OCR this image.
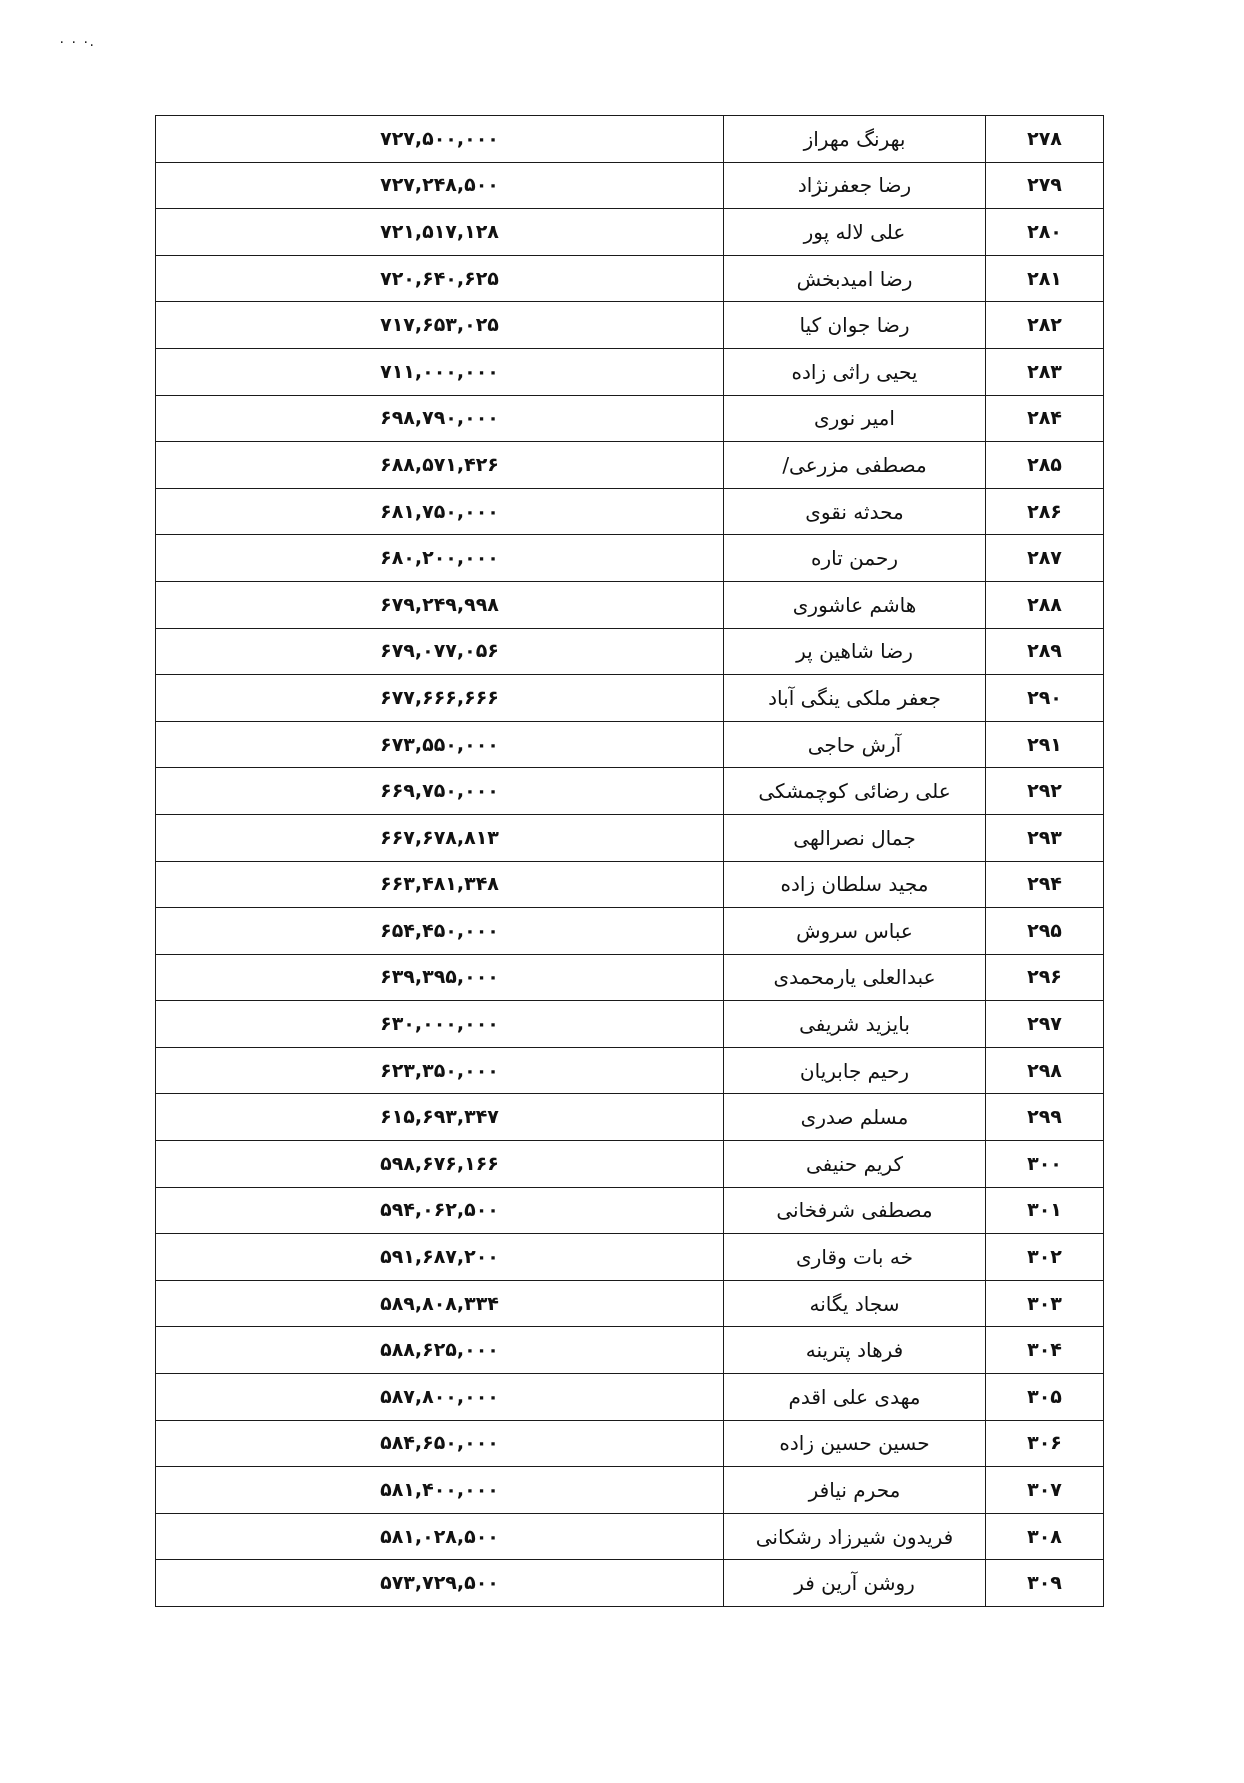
٠ ٠ ٠.
۷۲۷,۵۰۰,۰۰۰	بهرنگ مهراز	۲۷۸
۷۲۷,۲۴۸,۵۰۰	رضا جعفرنژاد	۲۷۹
۷۲۱,۵۱۷,۱۲۸	علی لاله پور	۲۸۰
۷۲۰,۶۴۰,۶۲۵	رضا امیدبخش	۲۸۱
۷۱۷,۶۵۳,۰۲۵	رضا جوان کیا	۲۸۲
۷۱۱,۰۰۰,۰۰۰	یحیی راثی زاده	۲۸۳
۶۹۸,۷۹۰,۰۰۰	امیر نوری	۲۸۴
۶۸۸,۵۷۱,۴۲۶	مصطفی مزرعی/	۲۸۵
۶۸۱,۷۵۰,۰۰۰	محدثه نقوی	۲۸۶
۶۸۰,۲۰۰,۰۰۰	رحمن تاره	۲۸۷
۶۷۹,۲۴۹,۹۹۸	هاشم عاشوری	۲۸۸
۶۷۹,۰۷۷,۰۵۶	رضا شاهین پر	۲۸۹
۶۷۷,۶۶۶,۶۶۶	جعفر ملکی ینگی آباد	۲۹۰
۶۷۳,۵۵۰,۰۰۰	آرش حاجی	۲۹۱
۶۶۹,۷۵۰,۰۰۰	علی رضائی کوچمشکی	۲۹۲
۶۶۷,۶۷۸,۸۱۳	جمال نصرالهی	۲۹۳
۶۶۳,۴۸۱,۳۴۸	مجید سلطان زاده	۲۹۴
۶۵۴,۴۵۰,۰۰۰	عباس سروش	۲۹۵
۶۳۹,۳۹۵,۰۰۰	عبدالعلی یارمحمدی	۲۹۶
۶۳۰,۰۰۰,۰۰۰	بایزید شریفی	۲۹۷
۶۲۳,۳۵۰,۰۰۰	رحیم جابریان	۲۹۸
۶۱۵,۶۹۳,۳۴۷	مسلم صدری	۲۹۹
۵۹۸,۶۷۶,۱۶۶	کریم حنیفی	۳۰۰
۵۹۴,۰۶۲,۵۰۰	مصطفی شرفخانی	۳۰۱
۵۹۱,۶۸۷,۲۰۰	خه بات وقاری	۳۰۲
۵۸۹,۸۰۸,۳۳۴	سجاد یگانه	۳۰۳
۵۸۸,۶۲۵,۰۰۰	فرهاد پترینه	۳۰۴
۵۸۷,۸۰۰,۰۰۰	مهدی علی اقدم	۳۰۵
۵۸۴,۶۵۰,۰۰۰	حسین حسین زاده	۳۰۶
۵۸۱,۴۰۰,۰۰۰	محرم نیافر	۳۰۷
۵۸۱,۰۲۸,۵۰۰	فریدون شیرزاد رشکانی	۳۰۸
۵۷۳,۷۲۹,۵۰۰	روشن آرین فر	۳۰۹
